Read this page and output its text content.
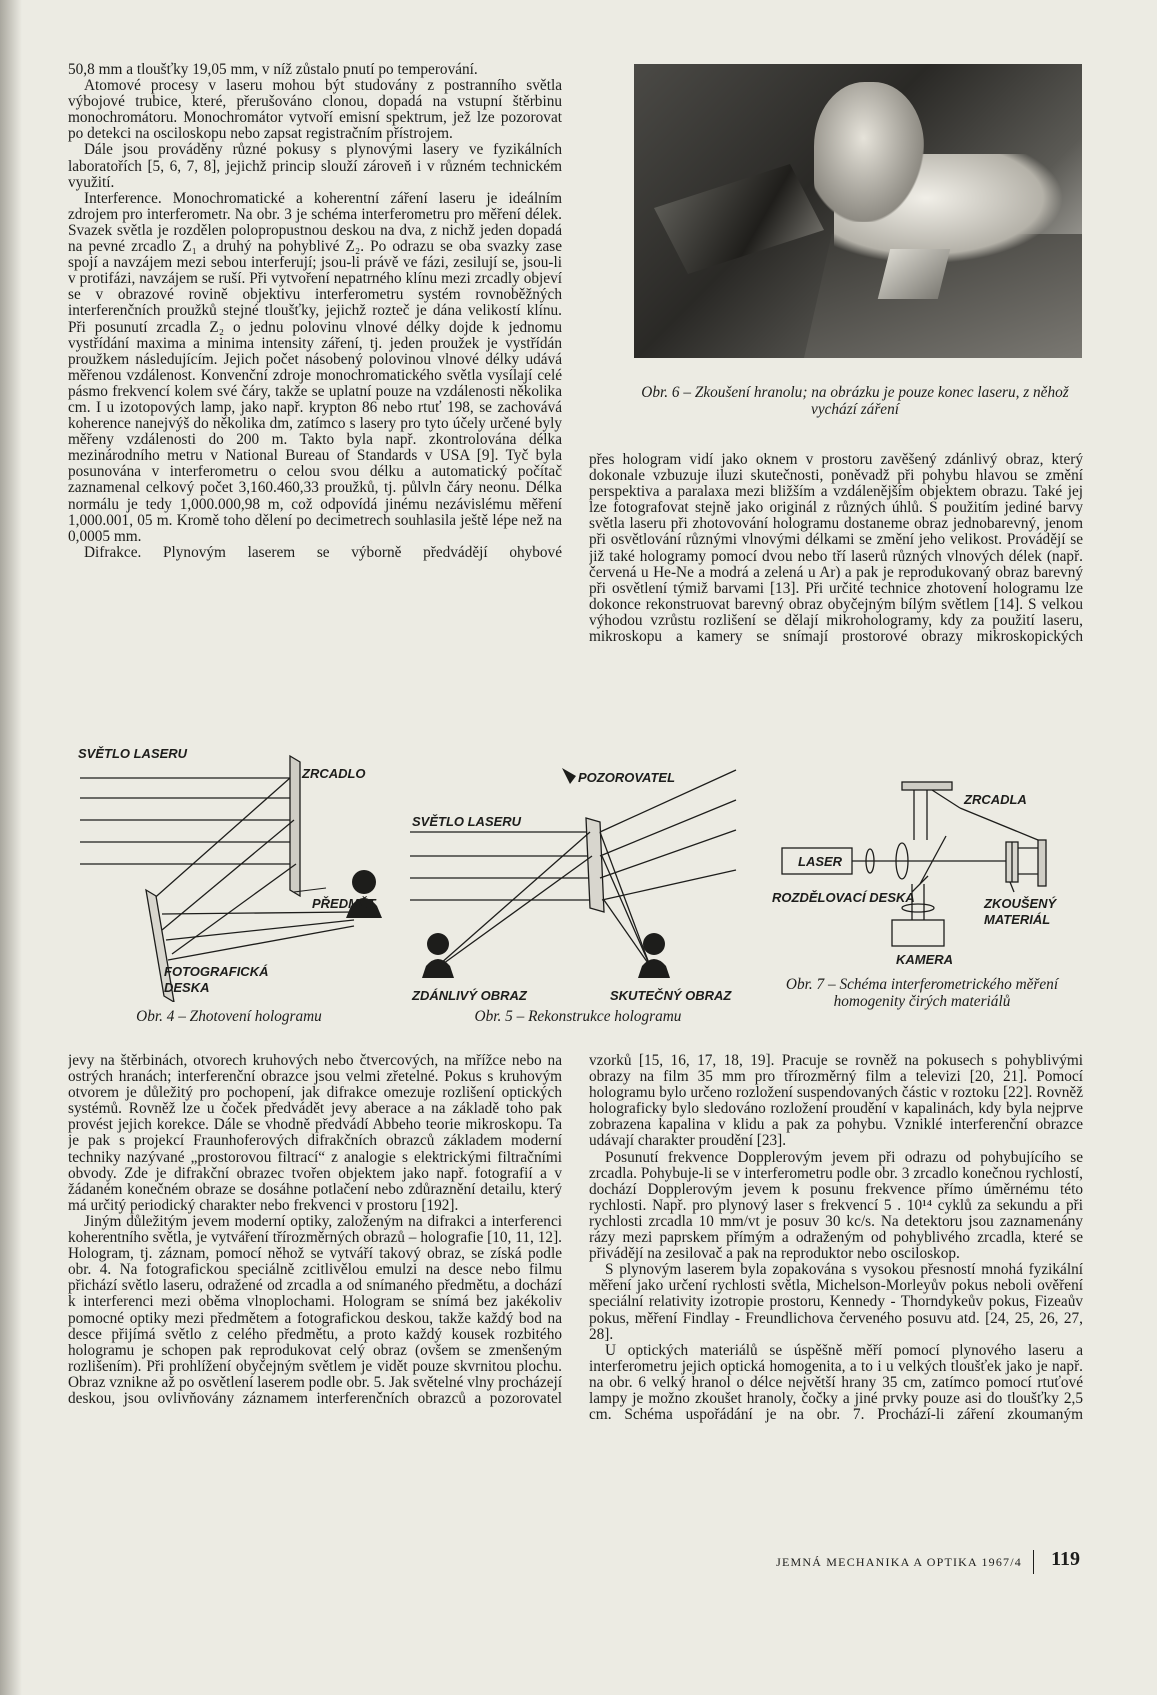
50,8 mm a tloušťky 19,05 mm, v níž zůstalo pnutí po temperování.

Atomové procesy v laseru mohou být studovány z postranního světla výbojové trubice, které, přerušováno clonou, dopadá na vstupní štěrbinu monochromátoru. Monochromátor vytvoří emisní spektrum, jež lze pozorovat po detekci na osciloskopu nebo zapsat registračním přístrojem.

Dále jsou prováděny různé pokusy s plynovými lasery ve fyzikálních laboratořích [5, 6, 7, 8], jejichž princip slouží zároveň i v různém technickém využití.

Interference. Monochromatické a koherentní záření laseru je ideálním zdrojem pro interferometr. Na obr. 3 je schéma interferometru pro měření délek. Svazek světla je rozdělen polopropustnou deskou na dva, z nichž jeden dopadá na pevné zrcadlo Z₁ a druhý na pohyblivé Z₂. Po odrazu se oba svazky zase spojí a navzájem mezi sebou interferují; jsou-li právě ve fázi, zesilují se, jsou-li v protifázi, navzájem se ruší. Při vytvoření nepatrného klínu mezi zrcadly objeví se v obrazové rovině objektivu interferometru systém rovnoběžných interferenčních proužků stejné tloušťky, jejichž rozteč je dána velikostí klínu. Při posunutí zrcadla Z₂ o jednu polovinu vlnové délky dojde k jednomu vystřídání maxima a minima intensity záření, tj. jeden proužek je vystřídán proužkem následujícím. Jejich počet násobený polovinou vlnové délky udává měřenou vzdálenost. Konvenční zdroje monochromatického světla vysílají celé pásmo frekvencí kolem své čáry, takže se uplatní pouze na vzdálenosti několika cm. I u izotopových lamp, jako např. krypton 86 nebo rtuť 198, se zachovává koherence nanejvýš do několika dm, zatímco s lasery pro tyto účely určené byly měřeny vzdálenosti do 200 m. Takto byla např. zkontrolována délka mezinárodního metru v National Bureau of Standards v USA [9]. Tyč byla posunována v interferometru o celou svou délku a automatický počítač zaznamenal celkový počet 3,160.460,33 proužků, tj. půlvln čáry neonu. Délka normálu je tedy 1,000.000,98 m, což odpovídá jinému nezávislému měření 1,000.001, 05 m. Kromě toho dělení po decimetrech souhlasila ještě lépe než na 0,0005 mm.

Difrakce. Plynovým laserem se výborně předvádějí ohybové

Obr. 6 – Zkoušení hranolu; na obrázku je pouze konec laseru, z něhož vychází záření

přes hologram vidí jako oknem v prostoru zavěšený zdánlivý obraz, který dokonale vzbuzuje iluzi skutečnosti, poněvadž při pohybu hlavou se změní perspektiva a paralaxa mezi bližším a vzdálenějším objektem obrazu. Také jej lze fotografovat stejně jako originál z různých úhlů. S použitím jediné barvy světla laseru při zhotovování hologramu dostaneme obraz jednobarevný, jenom při osvětlování různými vlnovými délkami se změní jeho velikost. Provádějí se již také hologramy pomocí dvou nebo tří laserů různých vlnových délek (např. červená u He-Ne a modrá a zelená u Ar) a pak je reprodukovaný obraz barevný při osvětlení týmiž barvami [13]. Při určité technice zhotovení hologramu lze dokonce rekonstruovat barevný obraz obyčejným bílým světlem [14]. S velkou výhodou vzrůstu rozlišení se dělají mikrohologramy, kdy za použití laseru, mikroskopu a kamery se snímají prostorové obrazy mikroskopických

SVĚTLO LASERU
ZRCADLO
PŘEDMĚT
FOTOGRAFICKÁ
DESKA
Obr. 4 – Zhotovení hologramu
POZOROVATEL
SVĚTLO LASERU
ZDÁNLIVÝ OBRAZ	SKUTEČNÝ OBRAZ
Obr. 5 – Rekonstrukce hologramu
ZRCADLA
LASER
ROZDĚLOVACÍ DESKA	ZKOUŠENÝ
MATERIÁL
KAMERA
Obr. 7 – Schéma interferometrického měření homogenity čirých materiálů

jevy na štěrbinách, otvorech kruhových nebo čtvercových, na mřížce nebo na ostrých hranách; interferenční obrazce jsou velmi zřetelné. Pokus s kruhovým otvorem je důležitý pro pochopení, jak difrakce omezuje rozlišení optických systémů. Rovněž lze u čoček předvádět jevy aberace a na základě toho pak provést jejich korekce. Dále se vhodně předvádí Abbeho teorie mikroskopu. Ta je pak s projekcí Fraunhoferových difrakčních obrazců základem moderní techniky nazývané „prostorovou filtrací“ z analogie s elektrickými filtračními obvody. Zde je difrakční obrazec tvořen objektem jako např. fotografií a v žádaném konečném obraze se dosáhne potlačení nebo zdůraznění detailu, který má určitý periodický charakter nebo frekvenci v prostoru [192].

Jiným důležitým jevem moderní optiky, založeným na difrakci a interferenci koherentního světla, je vytváření třírozměrných obrazů – holografie [10, 11, 12]. Hologram, tj. záznam, pomocí něhož se vytváří takový obraz, se získá podle obr. 4. Na fotografickou speciálně zcitlivělou emulzi na desce nebo filmu přichází světlo laseru, odražené od zrcadla a od snímaného předmětu, a dochází k interferenci mezi oběma vlnoplochami. Hologram se snímá bez jakékoliv pomocné optiky mezi předmětem a fotografickou deskou, takže každý bod na desce přijímá světlo z celého předmětu, a proto každý kousek rozbitého hologramu je schopen pak reprodukovat celý obraz (ovšem se zmenšeným rozlišením). Při prohlížení obyčejným světlem je vidět pouze skvrnitou plochu. Obraz vznikne až po osvětlení laserem podle obr. 5. Jak světelné vlny procházejí deskou, jsou ovlivňovány záznamem interferenčních obrazců a pozorovatel

vzorků [15, 16, 17, 18, 19]. Pracuje se rovněž na pokusech s pohyblivými obrazy na film 35 mm pro třírozměrný film a televizi [20, 21]. Pomocí hologramu bylo určeno rozložení suspendovaných částic v roztoku [22]. Rovněž holograficky bylo sledováno rozložení proudění v kapalinách, kdy byla nejprve zobrazena kapalina v klidu a pak za pohybu. Vzniklé interferenční obrazce udávají charakter proudění [23].

Posunutí frekvence Dopplerovým jevem při odrazu od pohybujícího se zrcadla. Pohybuje-li se v interferometru podle obr. 3 zrcadlo konečnou rychlostí, dochází Dopplerovým jevem k posunu frekvence přímo úměrnému této rychlosti. Např. pro plynový laser s frekvencí 5 . 10¹⁴ cyklů za sekundu a při rychlosti zrcadla 10 mm/vt je posuv 30 kc/s. Na detektoru jsou zaznamenány rázy mezi paprskem přímým a odraženým od pohyblivého zrcadla, které se přivádějí na zesilovač a pak na reproduktor nebo osciloskop.

S plynovým laserem byla zopakována s vysokou přesností mnohá fyzikální měření jako určení rychlosti světla, Michelson-Morleyův pokus neboli ověření speciální relativity izotropie prostoru, Kennedy - Thorndykeův pokus, Fizeaův pokus, měření Findlay - Freundlichova červeného posuvu atd. [24, 25, 26, 27, 28].

U optických materiálů se úspěšně měří pomocí plynového laseru a interferometru jejich optická homogenita, a to i u velkých tloušťek jako je např. na obr. 6 velký hranol o délce největší hrany 35 cm, zatímco pomocí rtuťové lampy je možno zkoušet hranoly, čočky a jiné prvky pouze asi do tloušťky 2,5 cm. Schéma uspořádání je na obr. 7. Prochází-li záření zkoumaným

JEMNÁ MECHANIKA A OPTIKA 1967/4 119
